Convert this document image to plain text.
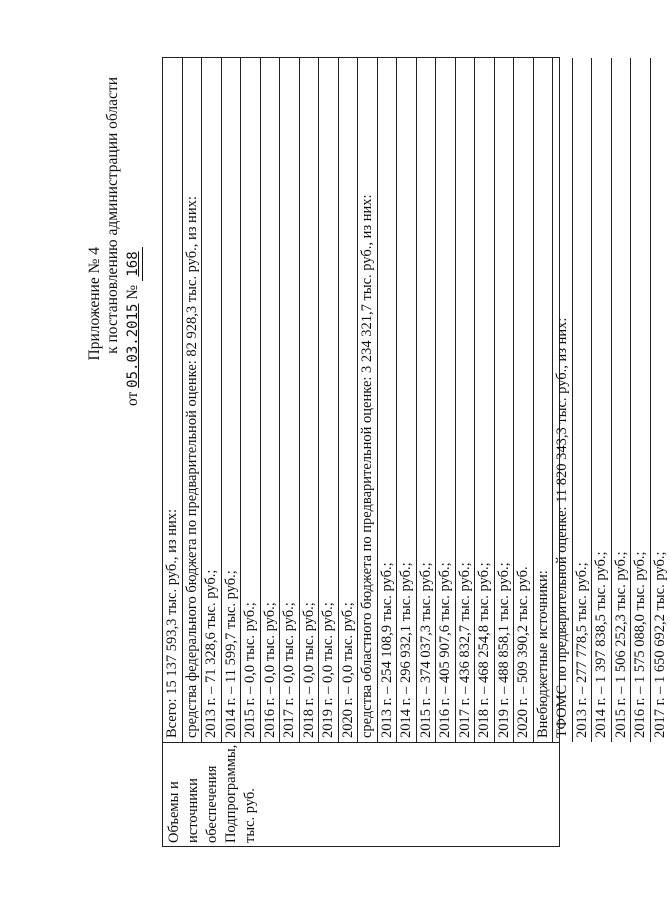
Приложение № 4 к постановлению администрации области
от 05.03.2015 № 168
Объемы и источники обеспечения Подпрограммы, тыс. руб.
Всего: 15 137 593,3 тыс. руб., из них: средства федерального бюджета по предварительной оценке: 82 928,3 тыс. руб., из них: 2013 г. – 71 328,6 тыс. руб.; 2014 г. – 11 599,7 тыс. руб.; 2015 г. – 0,0 тыс. руб.; 2016 г. – 0,0 тыс. руб.; 2017 г. – 0,0 тыс. руб.; 2018 г. – 0,0 тыс. руб.; 2019 г. – 0,0 тыс. руб.; 2020 г. – 0,0 тыс. руб.; средства областного бюджета по предварительной оценке: 3 234 321,7 тыс. руб., из них: 2013 г. – 254 108,9 тыс. руб.; 2014 г. – 296 932,1 тыс. руб.; 2015 г. – 374 037,3 тыс. руб.; 2016 г. – 405 907,6 тыс. руб.; 2017 г. – 436 832,7 тыс. руб.; 2018 г. – 468 254,8 тыс. руб.; 2019 г. – 488 858,1 тыс. руб.; 2020 г. – 509 390,2 тыс. руб. Внебюджетные источники: ТФОМС по предварительной оценке: 11 820 343,3 тыс. руб., из них: 2013 г. – 277 778,5 тыс. руб.; 2014 г. – 1 397 838,5 тыс. руб.; 2015 г. – 1 506 252,3 тыс. руб.; 2016 г. – 1 575 088,0 тыс. руб.; 2017 г. – 1 650 692,2 тыс. руб.;
